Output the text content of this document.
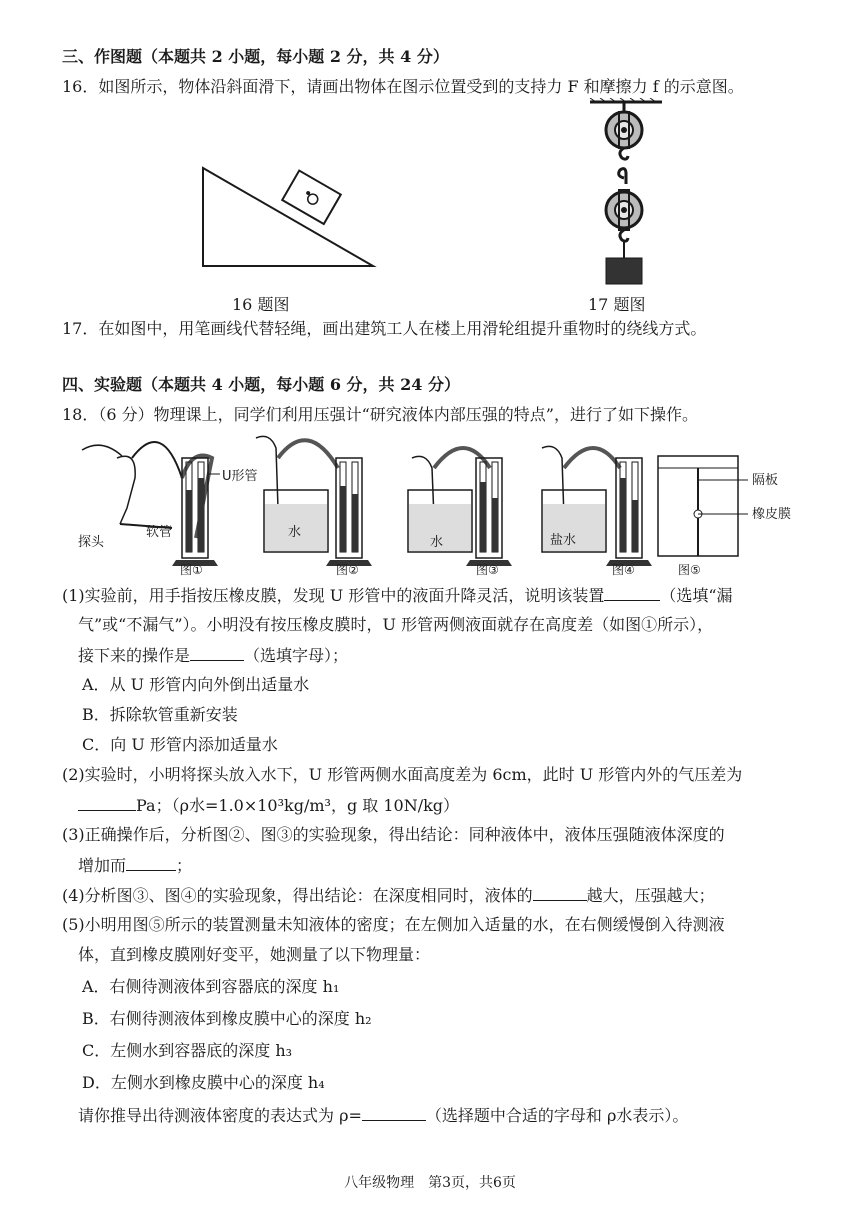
三、作图题（本题共 2 小题，每小题 2 分，共 4 分）
16．如图所示，物体沿斜面滑下，请画出物体在图示位置受到的支持力 F 和摩擦力 f 的示意图。
16 题图	17 题图
17．在如图中，用笔画线代替轻绳，画出建筑工人在楼上用滑轮组提升重物时的绕线方式。
四、实验题（本题共 4 小题，每小题 6 分，共 24 分）
18．（6 分）物理课上，同学们利用压强计“研究液体内部压强的特点”，进行了如下操作。
U形管
探头
软管
图①
水
图②
水
图③
盐水
图④
隔板
橡皮膜
图⑤
(1)实验前，用手指按压橡皮膜，发现 U 形管中的液面升降灵活，说明该装置	（选填“漏
气”或“不漏气”）。小明没有按压橡皮膜时，U 形管两侧液面就存在高度差（如图①所示），
接下来的操作是	（选填字母）；
A．从 U 形管内向外倒出适量水
B．拆除软管重新安装
C．向 U 形管内添加适量水
(2)实验时，小明将探头放入水下，U 形管两侧水面高度差为 6cm，此时 U 形管内外的气压差为
Pa；（ρ水=1.0×10³kg/m³，g 取 10N/kg）
(3)正确操作后，分析图②、图③的实验现象，得出结论：同种液体中，液体压强随液体深度的
增加而	；
(4)分析图③、图④的实验现象，得出结论：在深度相同时，液体的	越大，压强越大；
(5)小明用图⑤所示的装置测量未知液体的密度；在左侧加入适量的水，在右侧缓慢倒入待测液
体，直到橡皮膜刚好变平，她测量了以下物理量：
A．右侧待测液体到容器底的深度 h₁
B．右侧待测液体到橡皮膜中心的深度 h₂
C．左侧水到容器底的深度 h₃
D．左侧水到橡皮膜中心的深度 h₄
请你推导出待测液体密度的表达式为 ρ=	（选择题中合适的字母和 ρ水表示）。
八年级物理　第3页，共6页
